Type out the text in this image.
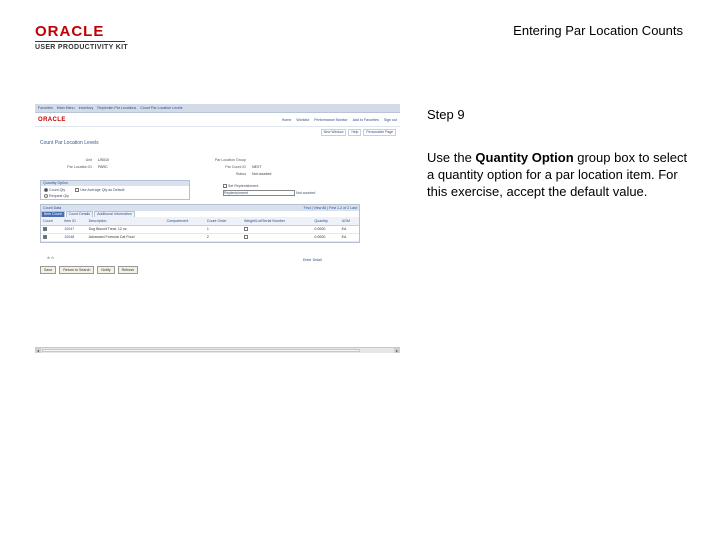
ORACLE
USER PRODUCTIVITY KIT
Entering Par Location Counts
Step 9
Use the Quantity Option group box to select a quantity option for a par location item. For this exercise, accept the default value.
Favorites Main Menu Inventory Replenish Par Locations Count Par Location Levels
ORACLE	Home Worklist Performance Monitor Add to Favorites Sign out
New Window	Help	Personalize Page
Count Par Location Levels
Unit US010	Par Location Group
Par Location ID PARC	Par Count ID NEXT
Status Not counted
Quantity Option
Count Qty	Use Average Qty as Default
Request Qty
Set Replenishment
Replenishment	Not counted
Count Data	Find | View All | First 1-2 of 2 Last
Item Count	Count Details	Additional Information
Count	Item ID	Description	Compartment	Count Order	Weight/Lot/Serial Number	Quantity	UOM
	10047	Dog Biscuit Treat, 12 oz		1		0.0000	EA
	10048	Advanced Formula Cat Food		2		0.0000	EA
⊕ ⊖	Enter Detail
Save	Return to Search	Notify	Refresh
◂	▸
